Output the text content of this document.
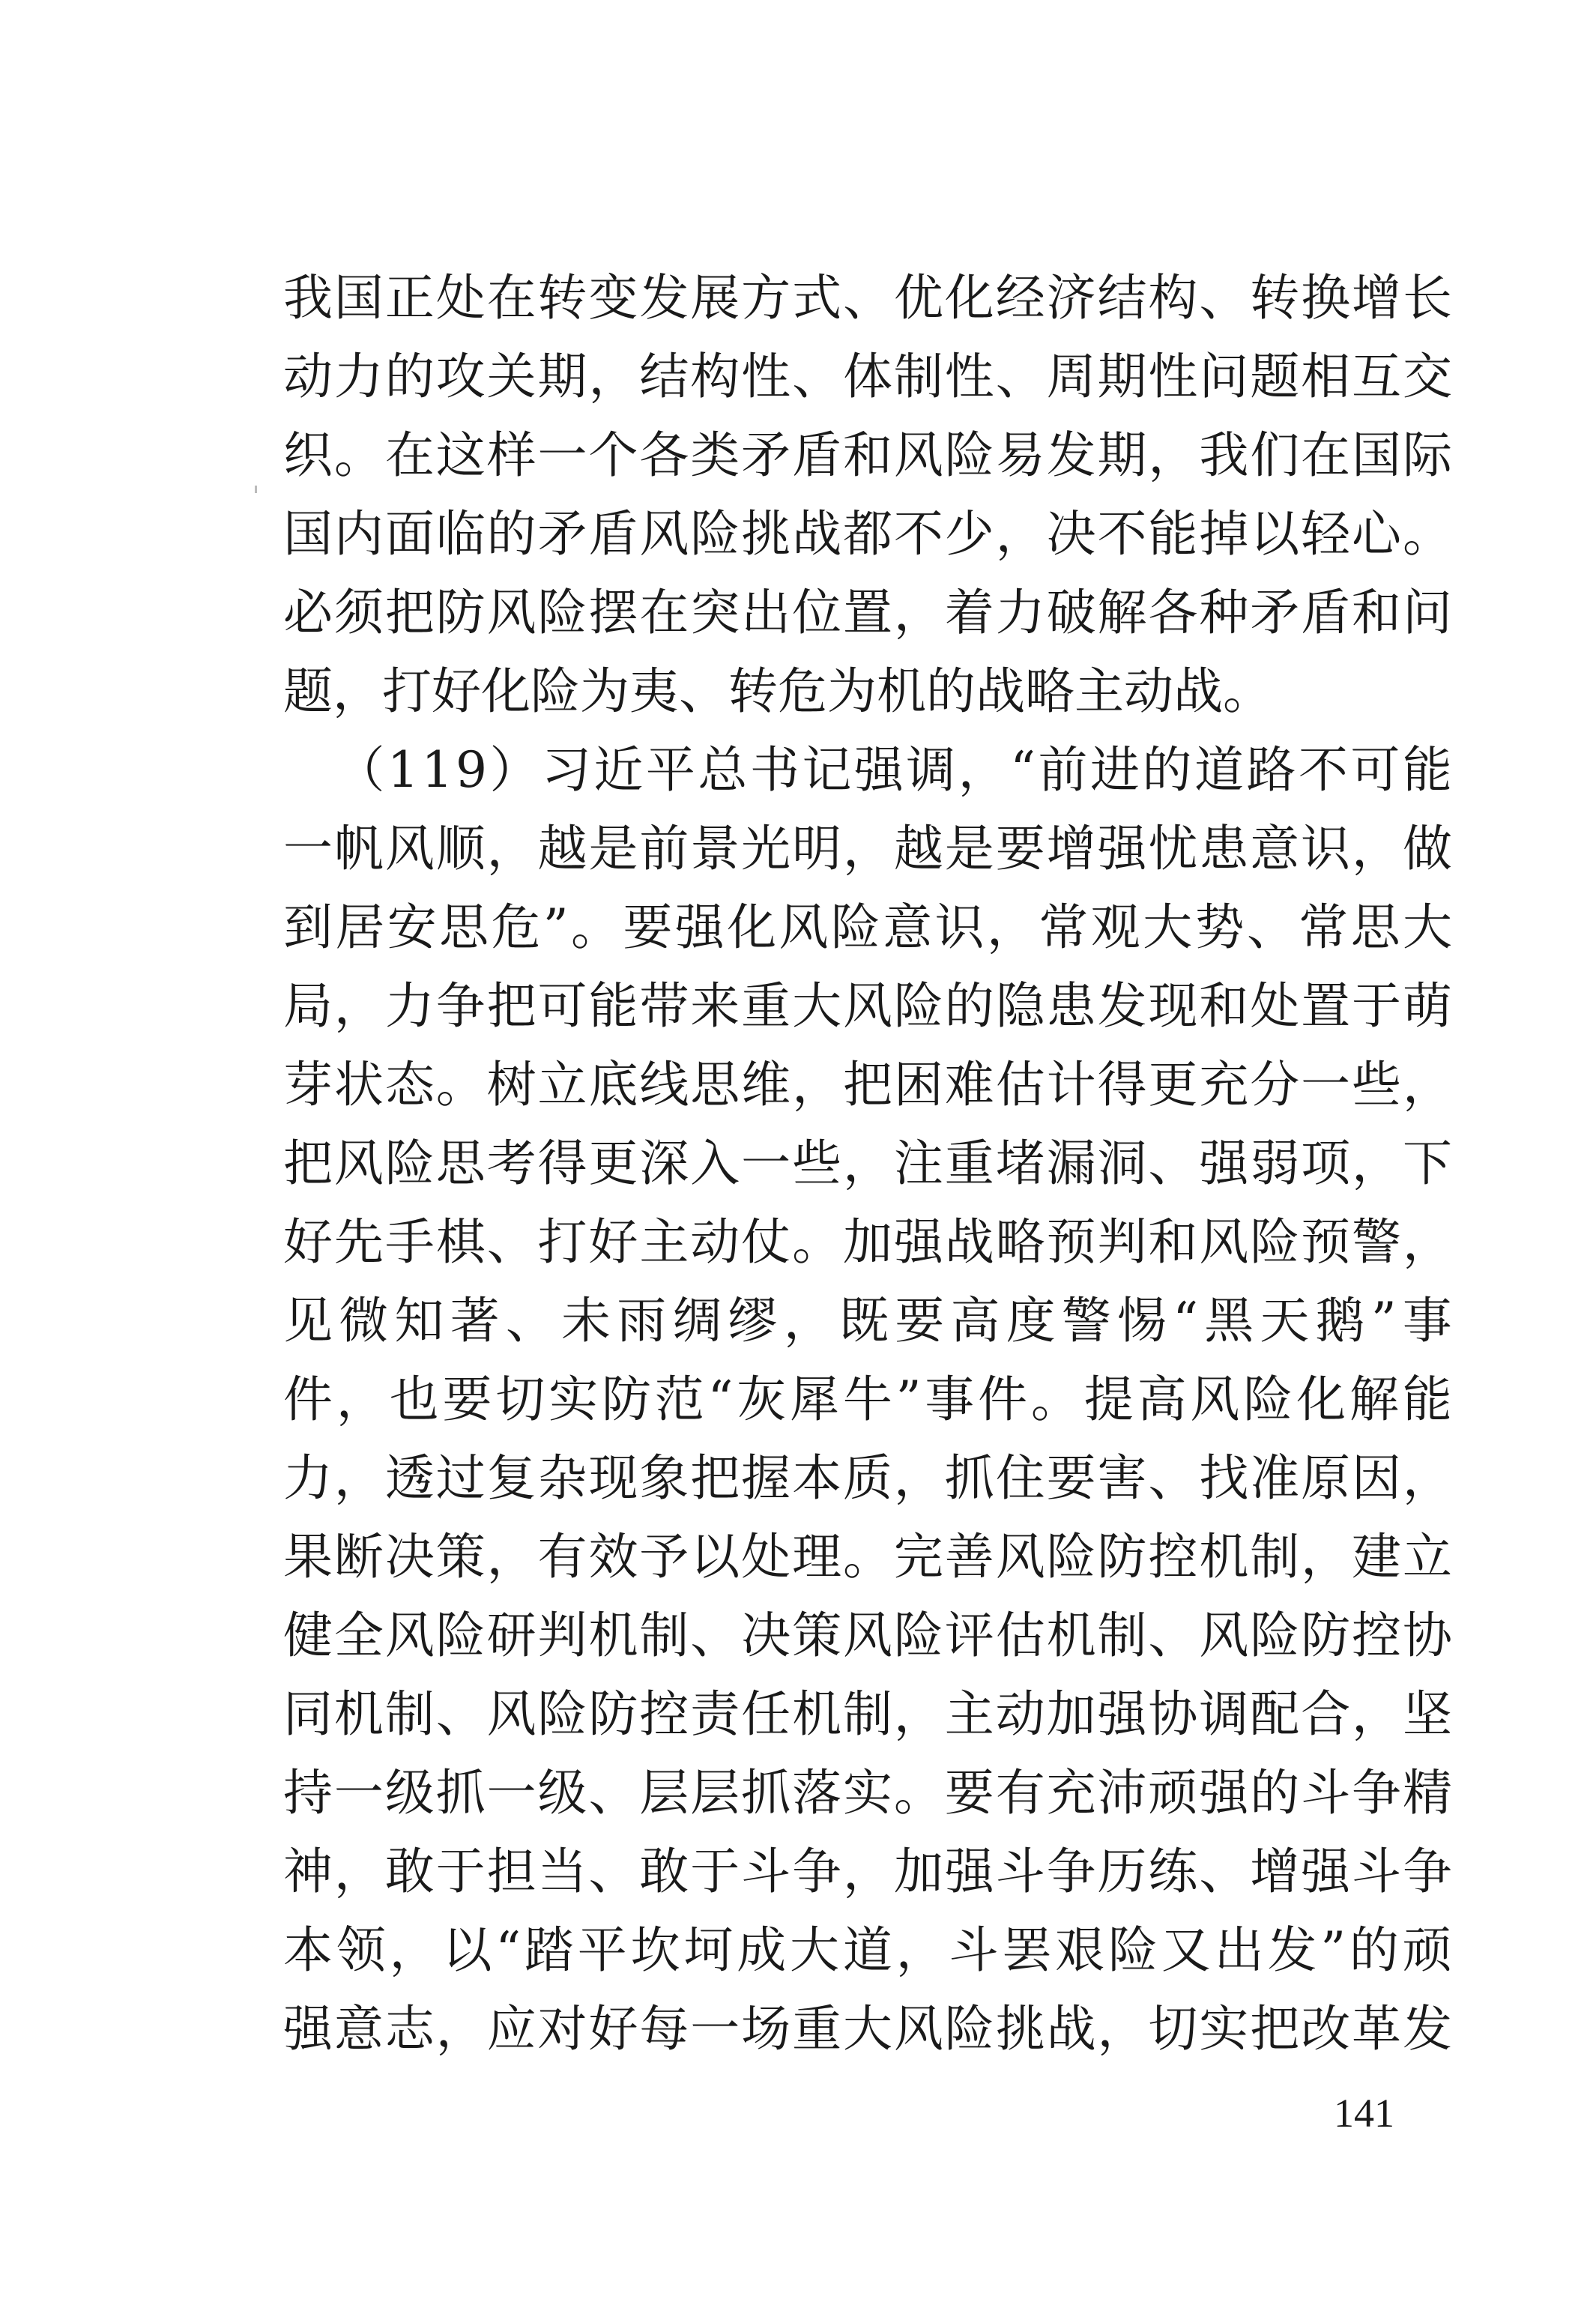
我 国 正 处 在 转 变 发 展 方 式 、 优 化 经 济 结 构 、 转 换 增 长
动 力 的 攻 关 期 ， 结 构 性 、 体 制 性 、 周 期 性 问 题 相 互 交
织 。 在 这 样 一 个 各 类 矛 盾 和 风 险 易 发 期 ， 我 们 在 国 际
国 内 面 临 的 矛 盾 风 险 挑 战 都 不 少 ， 决 不 能 掉 以 轻 心 。
必 须 把 防 风 险 摆 在 突 出 位 置 ， 着 力 破 解 各 种 矛 盾 和 问
题 ， 打 好 化 险 为 夷 、 转 危 为 机 的 战 略 主 动 战 。

（ 1 1 9 ） 习 近 平 总 书 记 强 调 ， “ 前 进 的 道 路 不 可 能
一 帆 风 顺 ， 越 是 前 景 光 明 ， 越 是 要 增 强 忧 患 意 识 ， 做
到 居 安 思 危 ” 。 要 强 化 风 险 意 识 ， 常 观 大 势 、 常 思 大
局 ， 力 争 把 可 能 带 来 重 大 风 险 的 隐 患 发 现 和 处 置 于 萌
芽 状 态 。 树 立 底 线 思 维 ， 把 困 难 估 计 得 更 充 分 一 些 ，
把 风 险 思 考 得 更 深 入 一 些 ， 注 重 堵 漏 洞 、 强 弱 项 ， 下
好 先 手 棋 、 打 好 主 动 仗 。 加 强 战 略 预 判 和 风 险 预 警 ，
见 微 知 著 、 未 雨 绸 缪 ， 既 要 高 度 警 惕 “ 黑 天 鹅 ” 事
件 ， 也 要 切 实 防 范 “ 灰 犀 牛 ” 事 件 。 提 高 风 险 化 解 能
力 ， 透 过 复 杂 现 象 把 握 本 质 ， 抓 住 要 害 、 找 准 原 因 ，
果 断 决 策 ， 有 效 予 以 处 理 。 完 善 风 险 防 控 机 制 ， 建 立
健 全 风 险 研 判 机 制 、 决 策 风 险 评 估 机 制 、 风 险 防 控 协
同 机 制 、 风 险 防 控 责 任 机 制 ， 主 动 加 强 协 调 配 合 ， 坚
持 一 级 抓 一 级 、 层 层 抓 落 实 。 要 有 充 沛 顽 强 的 斗 争 精
神 ， 敢 于 担 当 、 敢 于 斗 争 ， 加 强 斗 争 历 练 、 增 强 斗 争
本 领 ， 以 “ 踏 平 坎 坷 成 大 道 ， 斗 罢 艰 险 又 出 发 ” 的 顽
强 意 志 ， 应 对 好 每 一 场 重 大 风 险 挑 战 ， 切 实 把 改 革 发
141
